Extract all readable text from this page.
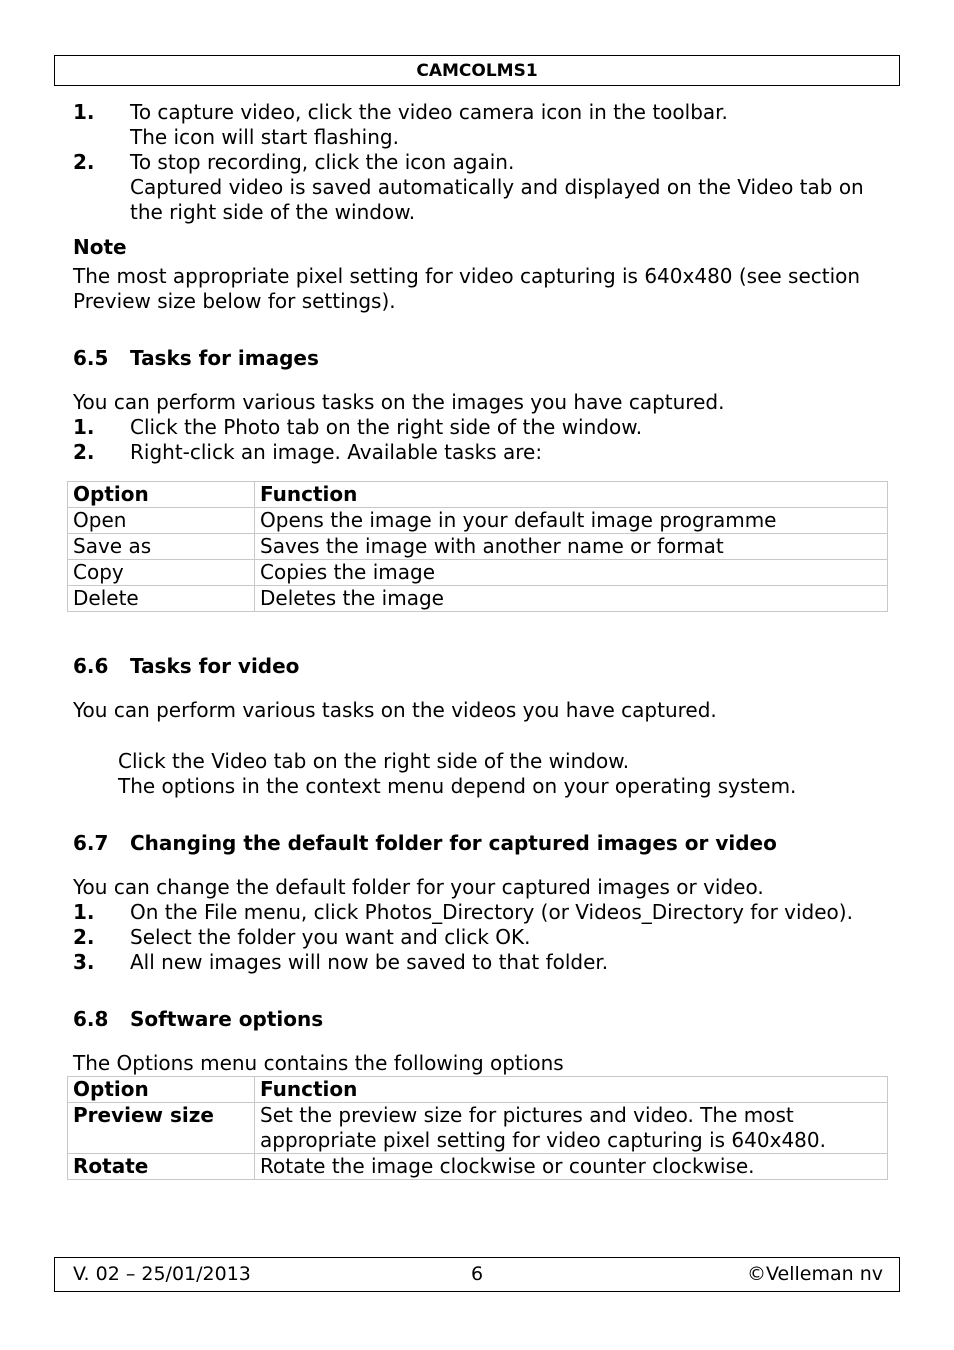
CAMCOLMS1
1. To capture video, click the video camera icon in the toolbar.
The icon will start flashing.
2. To stop recording, click the icon again.
Captured video is saved automatically and displayed on the Video tab on the right side of the window.
Note

The most appropriate pixel setting for video capturing is 640x480 (see section Preview size below for settings).

6.5 Tasks for images

You can perform various tasks on the images you have captured.

1. Click the Photo tab on the right side of the window.
2. Right-click an image. Available tasks are:
Option	Function
Open	Opens the image in your default image programme
Save as	Saves the image with another name or format
Copy	Copies the image
Delete	Deletes the image
6.6 Tasks for video

You can perform various tasks on the videos you have captured.

Click the Video tab on the right side of the window.
The options in the context menu depend on your operating system.
6.7 Changing the default folder for captured images or video

You can change the default folder for your captured images or video.

1. On the File menu, click Photos_Directory (or Videos_Directory for video).
2. Select the folder you want and click OK.
3. All new images will now be saved to that folder.
6.8 Software options

The Options menu contains the following options

Option	Function
Preview size	Set the preview size for pictures and video. The most appropriate pixel setting for video capturing is 640x480.
Rotate	Rotate the image clockwise or counter clockwise.
V. 02 – 25/01/2013	6	©Velleman nv
